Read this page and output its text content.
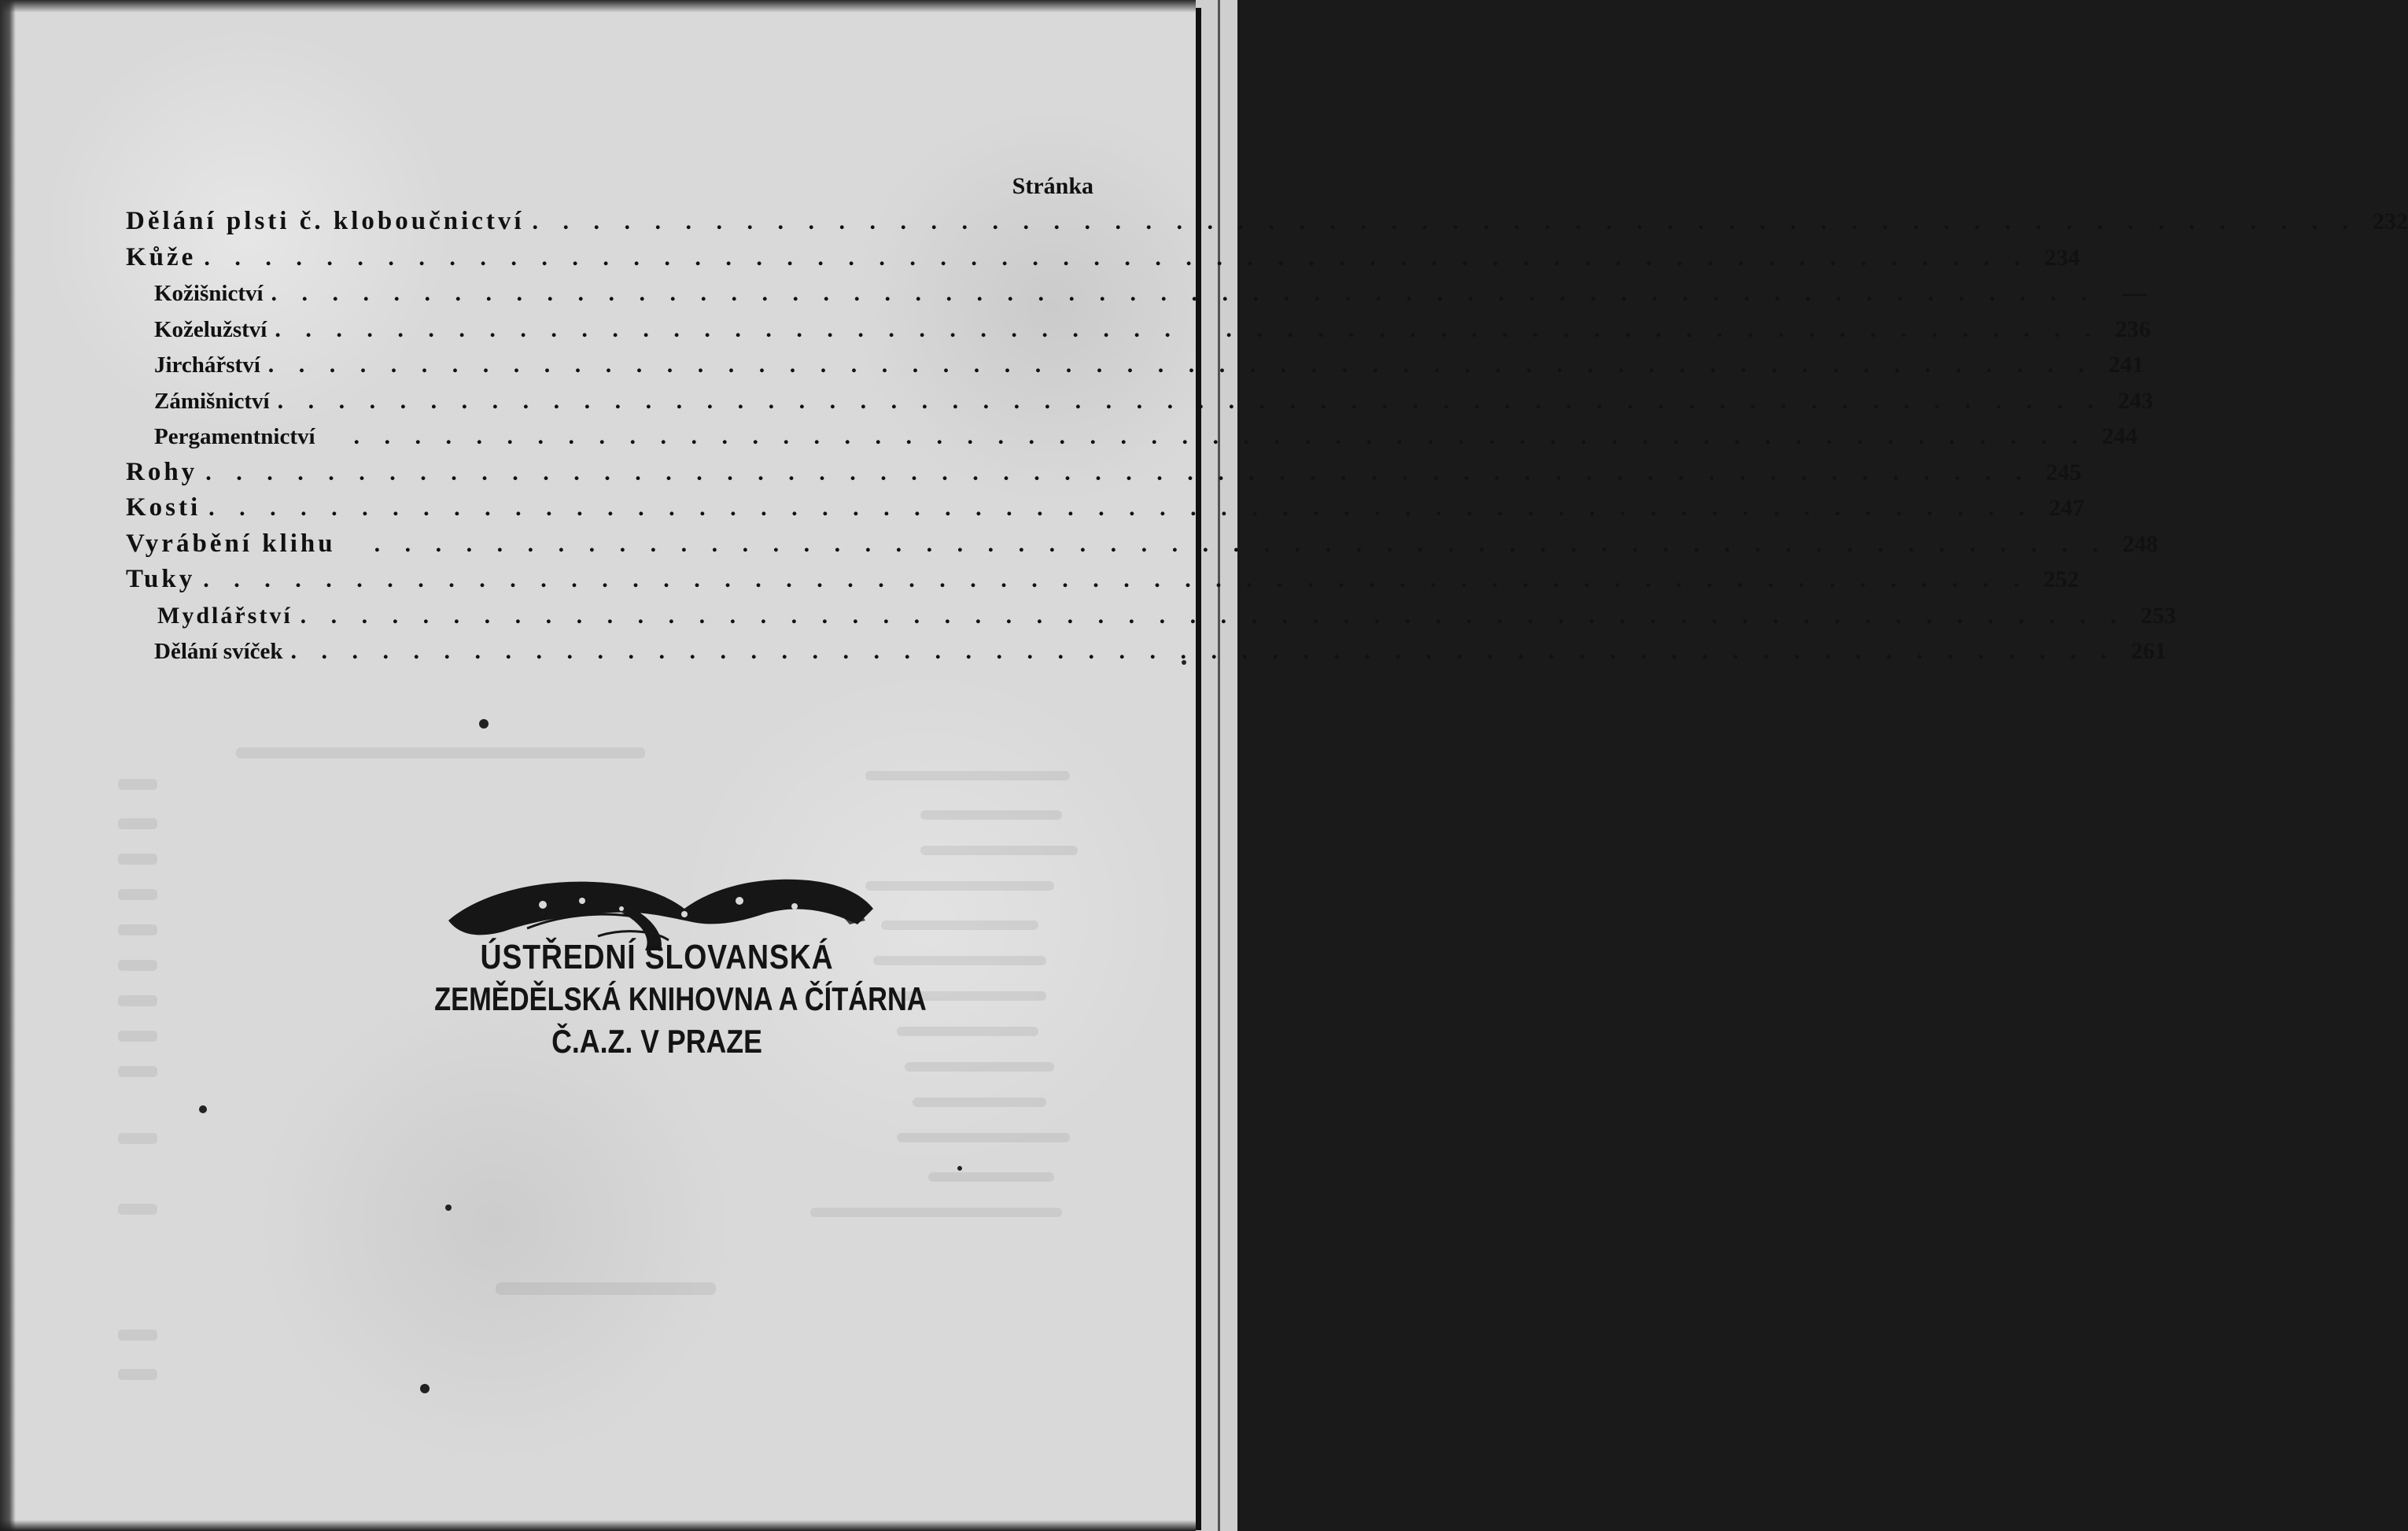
Stránka
Dělání plsti č. kloboučnictví . . . . . . . . . . . . . . . . . . . . . . . . . . . . . . . . . . . . . . . . . . . . . . . . . . . . . . . . . . . . 232
Kůže . . . . . . . . . . . . . . . . . . . . . . . . . . . . . . . . . . . . . . . . . . . . . . . . . . . . . . . . . . . . 234
Kožišnictví . . . . . . . . . . . . . . . . . . . . . . . . . . . . . . . . . . . . . . . . . . . . . . . . . . . . . . . . . . . .	—
Koželužství . . . . . . . . . . . . . . . . . . . . . . . . . . . . . . . . . . . . . . . . . . . . . . . . . . . . . . . . . . . . 236
Jirchářství . . . . . . . . . . . . . . . . . . . . . . . . . . . . . . . . . . . . . . . . . . . . . . . . . . . . . . . . . . . . 241
Zámišnictví . . . . . . . . . . . . . . . . . . . . . . . . . . . . . . . . . . . . . . . . . . . . . . . . . . . . . . . . . . . . 243
Pergamentnictví . . . . . . . . . . . . . . . . . . . . . . . . . . . . . . . . . . . . . . . . . . . . . . . . . . . . . . . . . 244
Rohy . . . . . . . . . . . . . . . . . . . . . . . . . . . . . . . . . . . . . . . . . . . . . . . . . . . . . . . . . . . . 245
Kosti . . . . . . . . . . . . . . . . . . . . . . . . . . . . . . . . . . . . . . . . . . . . . . . . . . . . . . . . . . . . 247
Vyrábění klihu . . . . . . . . . . . . . . . . . . . . . . . . . . . . . . . . . . . . . . . . . . . . . . . . . . . . . . . . . 248
Tuky . . . . . . . . . . . . . . . . . . . . . . . . . . . . . . . . . . . . . . . . . . . . . . . . . . . . . . . . . . . . 252
Mydlářství . . . . . . . . . . . . . . . . . . . . . . . . . . . . . . . . . . . . . . . . . . . . . . . . . . . . . . . . . . . . 253
Dělání svíček . . . . . . . . . . . . . . . . . . . . . . . . . . . . . . . . . . . . . . . . . . . . . . . . . . . . . . . . . . . . 261
ÚSTŘEDNÍ SLOVANSKÁ
ZEMĚDĚLSKÁ KNIHOVNA A ČÍTÁRNA
Č.A.Z. V PRAZE
